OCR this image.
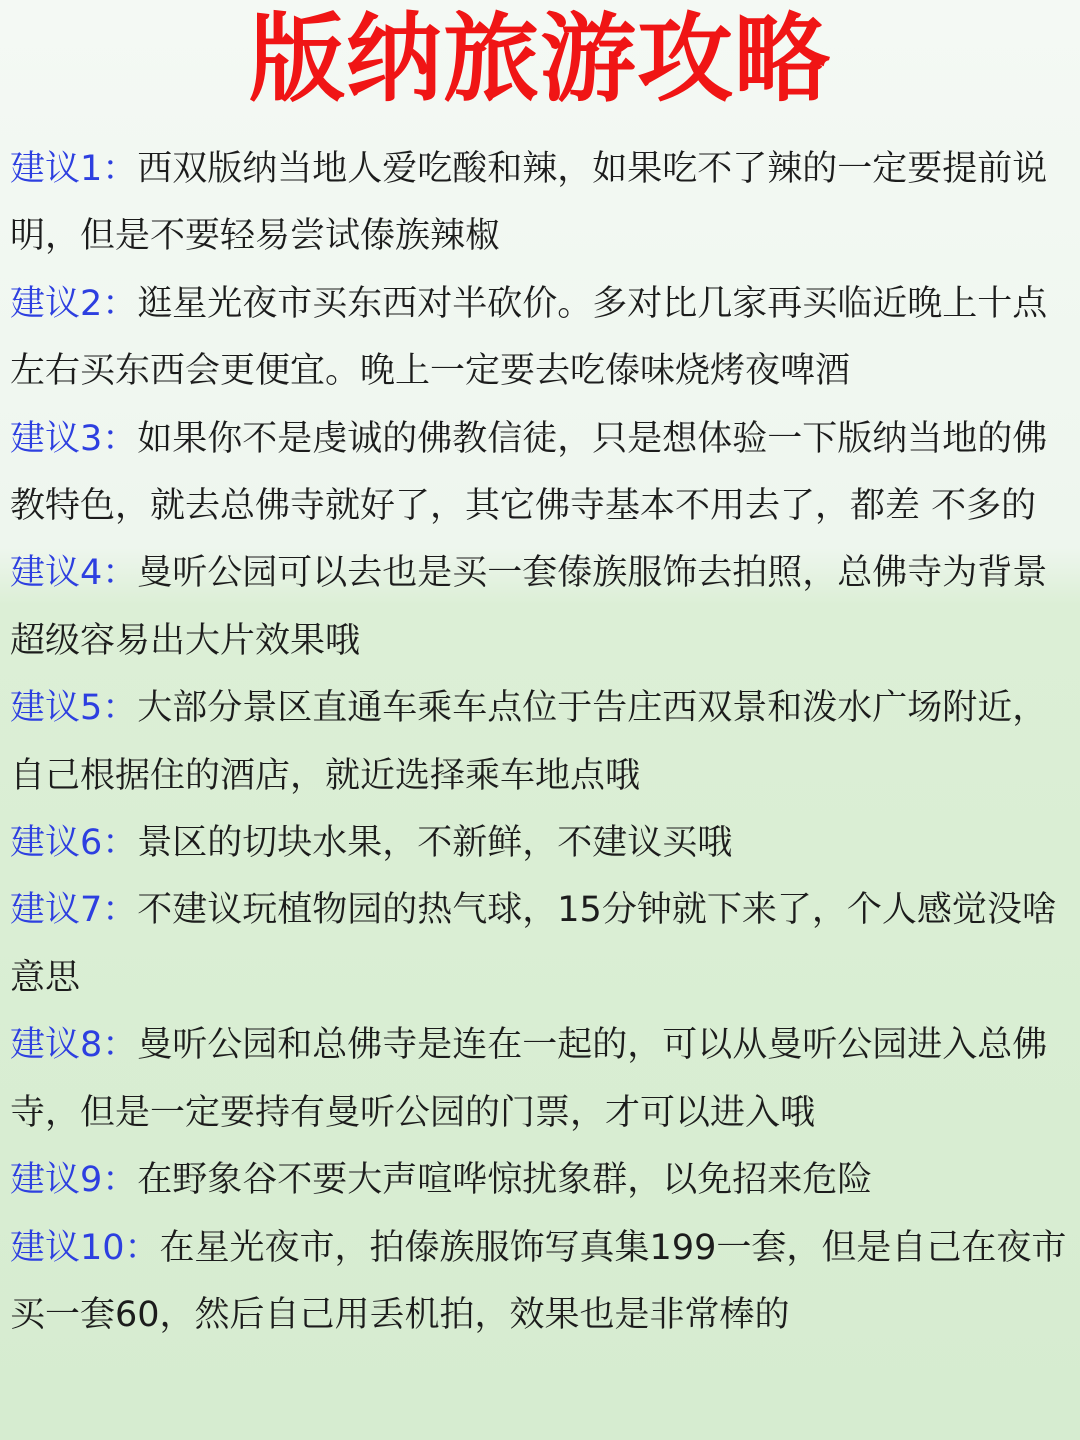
版纳旅游攻略

建议1：西双版纳当地人爱吃酸和辣，如果吃不了辣的一定要提前说明，但是不要轻易尝试傣族辣椒

建议2：逛星光夜市买东西对半砍价。多对比几家再买临近晚上十点左右买东西会更便宜。晚上一定要去吃傣味烧烤夜啤酒

建议3：如果你不是虔诚的佛教信徒，只是想体验一下版纳当地的佛 教特色，就去总佛寺就好了，其它佛寺基本不用去了，都差 不多的

建议4：曼听公园可以去也是买一套傣族服饰去拍照，总佛寺为背景 超级容易出大片效果哦

建议5：大部分景区直通车乘车点位于告庄西双景和泼水广场附近，自己根据住的酒店，就近选择乘车地点哦

建议6：景区的切块水果，不新鲜，不建议买哦

建议7：不建议玩植物园的热气球，15分钟就下来了，个人感觉没啥意思

建议8：曼听公园和总佛寺是连在一起的，可以从曼听公园进入总佛 寺，但是一定要持有曼听公园的门票，才可以进入哦

建议9：在野象谷不要大声喧哗惊扰象群，以免招来危险

建议10：在星光夜市，拍傣族服饰写真集199一套，但是自己在夜市买一套60，然后自己用丢机拍，效果也是非常棒的
